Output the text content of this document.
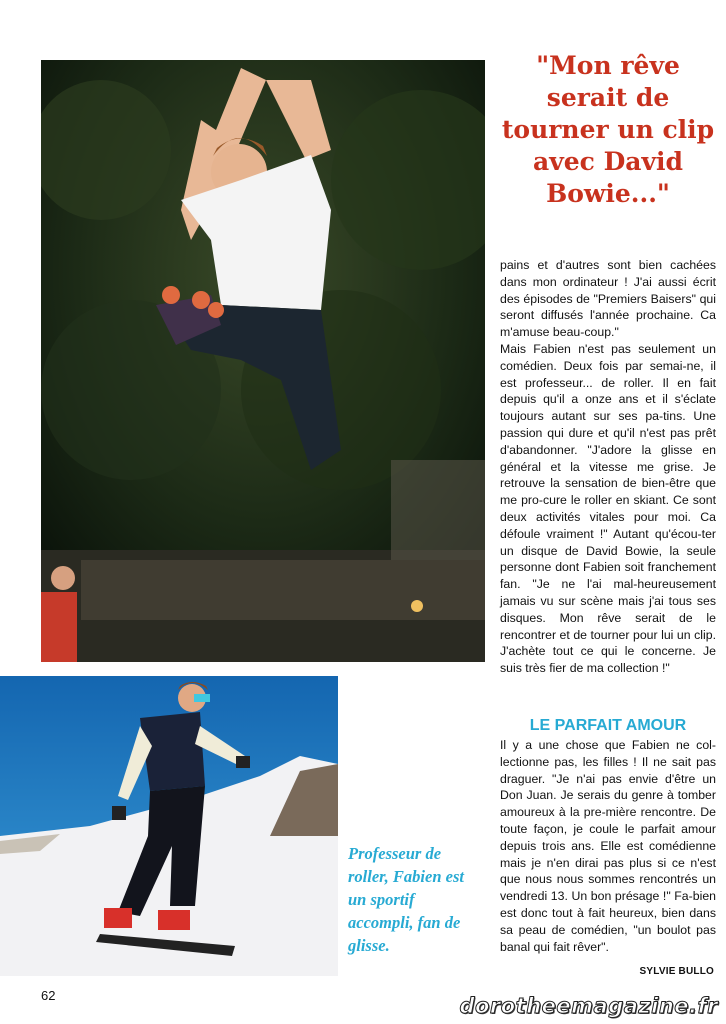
"Mon rêve serait de tourner un clip avec David Bowie..."

pains et d'autres sont bien cachées dans mon ordinateur ! J'ai aussi écrit des épisodes de "Premiers Baisers" qui seront diffusés l'année prochaine. Ca m'amuse beau-coup."

Mais Fabien n'est pas seulement un comédien. Deux fois par semai-ne, il est professeur... de roller. Il en fait depuis qu'il a onze ans et il s'éclate toujours autant sur ses pa-tins. Une passion qui dure et qu'il n'est pas prêt d'abandonner. "J'adore la glisse en général et la vitesse me grise. Je retrouve la sensation de bien-être que me pro-cure le roller en skiant. Ce sont deux activités vitales pour moi. Ca défoule vraiment !" Autant qu'écou-ter un disque de David Bowie, la seule personne dont Fabien soit franchement fan. "Je ne l'ai mal-heureusement jamais vu sur scène mais j'ai tous ses disques. Mon rêve serait de le rencontrer et de tourner pour lui un clip. J'achète tout ce qui le concerne. Je suis très fier de ma collection !"

LE PARFAIT AMOUR

Il y a une chose que Fabien ne col-lectionne pas, les filles ! Il ne sait pas draguer. "Je n'ai pas envie d'être un Don Juan. Je serais du genre à tomber amoureux à la pre-mière rencontre. De toute façon, je coule le parfait amour depuis trois ans. Elle est comédienne mais je n'en dirai pas plus si ce n'est que nous nous sommes rencontrés un vendredi 13. Un bon présage !" Fa-bien est donc tout à fait heureux, bien dans sa peau de comédien, "un boulot pas banal qui fait rêver".

SYLVIE BULLO
Professeur de roller, Fabien est un sportif accompli, fan de glisse.
62	dorotheemagazine.fr
